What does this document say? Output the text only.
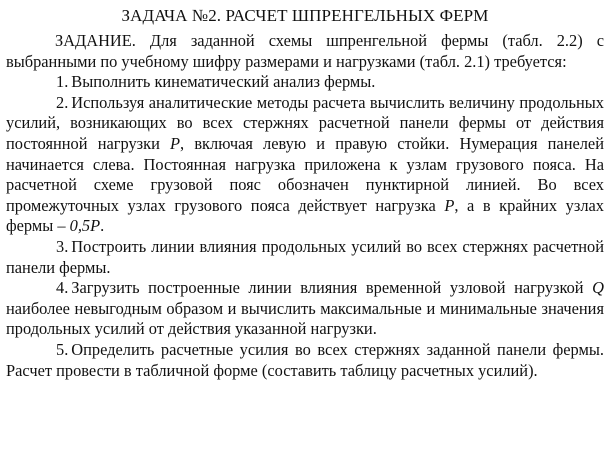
ЗАДАЧА №2. РАСЧЕТ ШПРЕНГЕЛЬНЫХ ФЕРМ

ЗАДАНИЕ. Для заданной схемы шпренгельной фермы (табл. 2.2) с выбранными по учебному шифру размерами и нагрузками (табл. 2.1) требуется:

1. Выполнить кинематический анализ фермы.

2. Используя аналитические методы расчета вычислить величину продольных усилий, возникающих во всех стержнях расчетной панели фермы от действия постоянной нагрузки P, включая левую и правую стойки. Нумерация панелей начинается слева. Постоянная нагрузка приложена к узлам грузового пояса. На расчетной схеме грузовой пояс обозначен пунктирной линией. Во всех промежуточных узлах грузового пояса действует нагрузка P, а в крайних узлах фермы – 0,5P.

3. Построить линии влияния продольных усилий во всех стержнях расчетной панели фермы.

4. Загрузить построенные линии влияния временной узловой нагрузкой Q наиболее невыгодным образом и вычислить максимальные и минимальные значения продольных усилий от действия указанной нагрузки.

5. Определить расчетные усилия во всех стержнях заданной панели фермы. Расчет провести в табличной форме (составить таблицу расчетных усилий).
